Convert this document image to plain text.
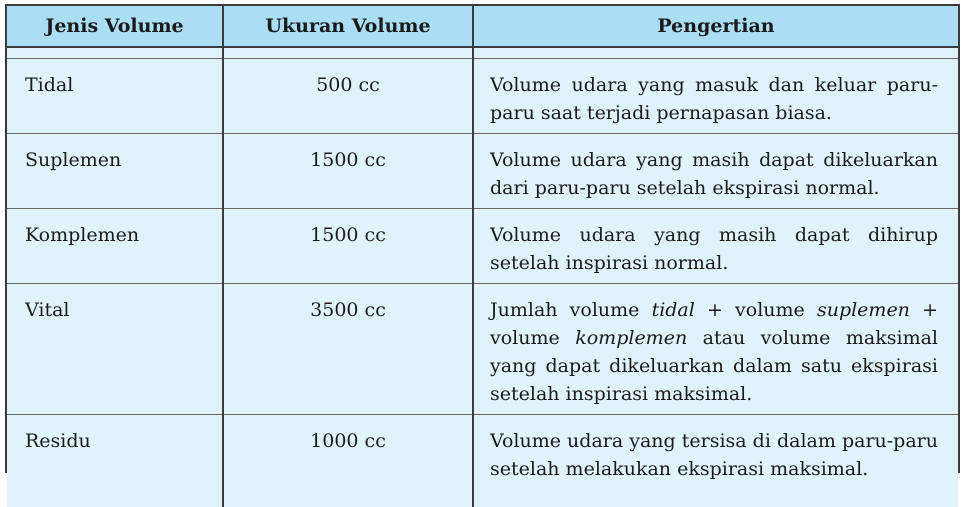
Jenis Volume	Ukuran Volume	Pengertian

Tidal	500 cc	Volume udara yang masuk dan keluar paru-paru saat terjadi pernapasan biasa.
Suplemen	1500 cc	Volume udara yang masih dapat dikeluarkan dari paru-paru setelah ekspirasi normal.
Komplemen	1500 cc	Volume udara yang masih dapat dihirup setelah inspirasi normal.
Vital	3500 cc	Jumlah volume tidal + volume suplemen + volume komplemen atau volume maksimal yang dapat dikeluarkan dalam satu ekspirasi setelah inspirasi maksimal.
Residu	1000 cc	Volume udara yang tersisa di dalam paru-paru setelah melakukan ekspirasi maksimal.
